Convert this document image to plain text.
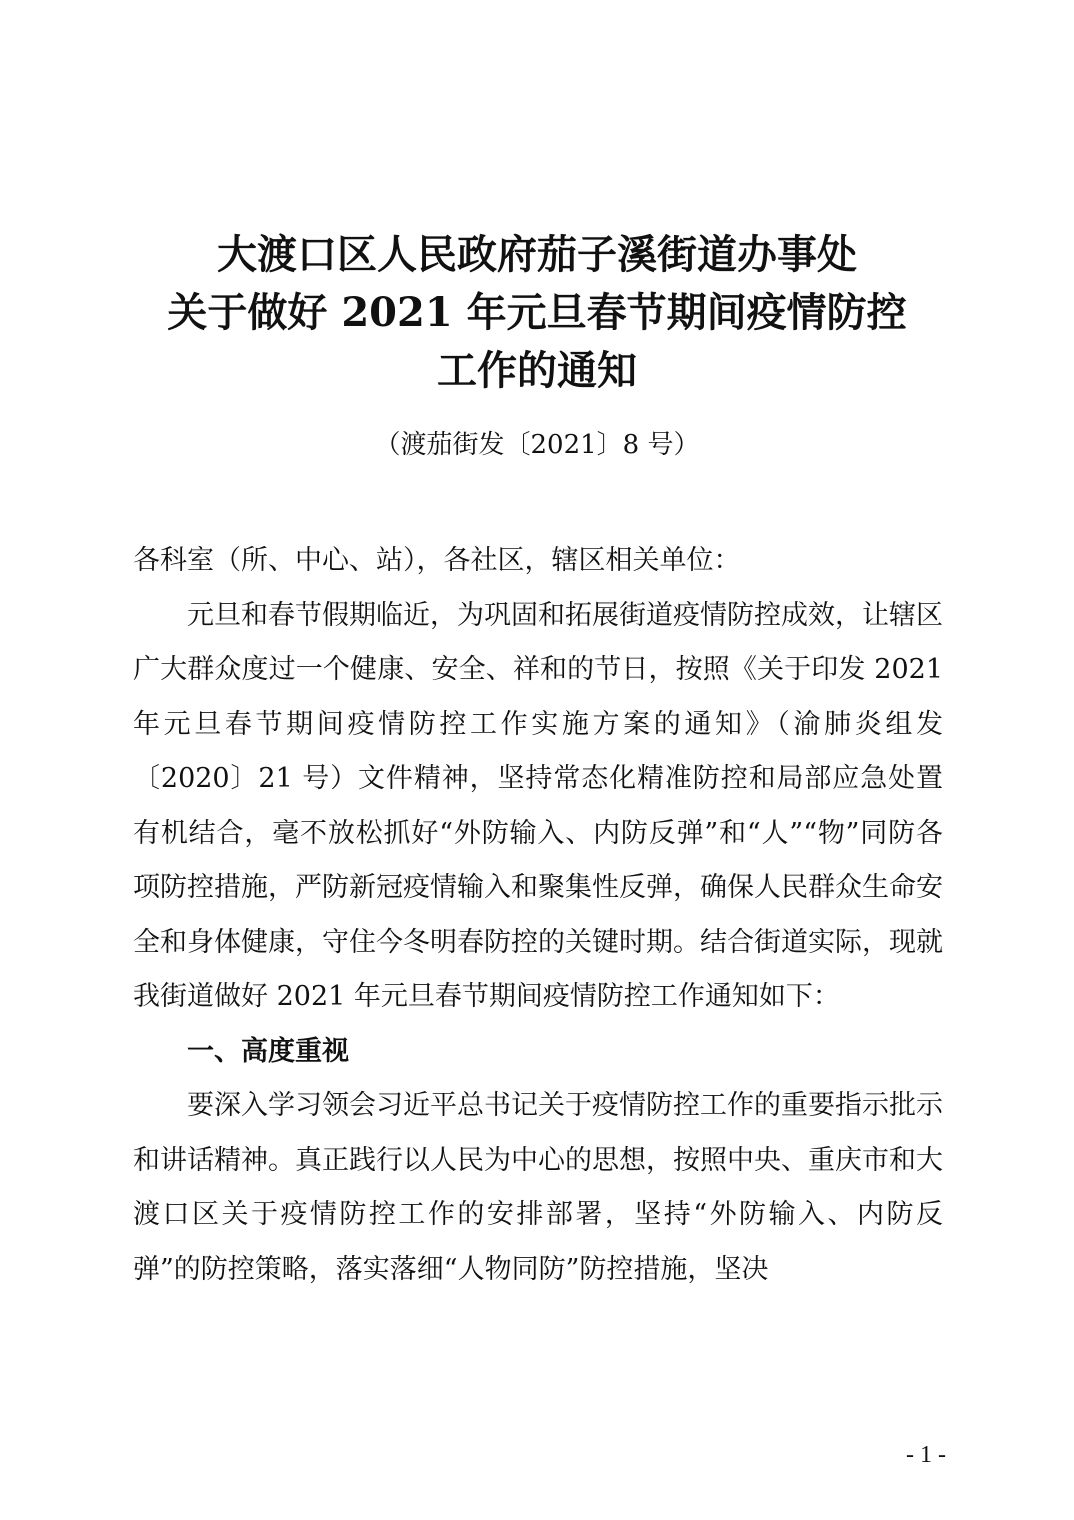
大渡口区人民政府茄子溪街道办事处
关于做好 2021 年元旦春节期间疫情防控
工作的通知
（渡茄街发〔2021〕8 号）

各科室（所、中心、站），各社区，辖区相关单位：

元旦和春节假期临近，为巩固和拓展街道疫情防控成效，让辖区广大群众度过一个健康、安全、祥和的节日，按照《关于印发 2021 年元旦春节期间疫情防控工作实施方案的通知》（渝肺炎组发〔2020〕21 号）文件精神，坚持常态化精准防控和局部应急处置有机结合，毫不放松抓好“外防输入、内防反弹”和“人”“物”同防各项防控措施，严防新冠疫情输入和聚集性反弹，确保人民群众生命安全和身体健康，守住今冬明春防控的关键时期。结合街道实际，现就我街道做好 2021 年元旦春节期间疫情防控工作通知如下：

一、高度重视

要深入学习领会习近平总书记关于疫情防控工作的重要指示批示和讲话精神。真正践行以人民为中心的思想，按照中央、重庆市和大渡口区关于疫情防控工作的安排部署，坚持“外防输入、内防反弹”的防控策略，落实落细“人物同防”防控措施，坚决

- 1 -
